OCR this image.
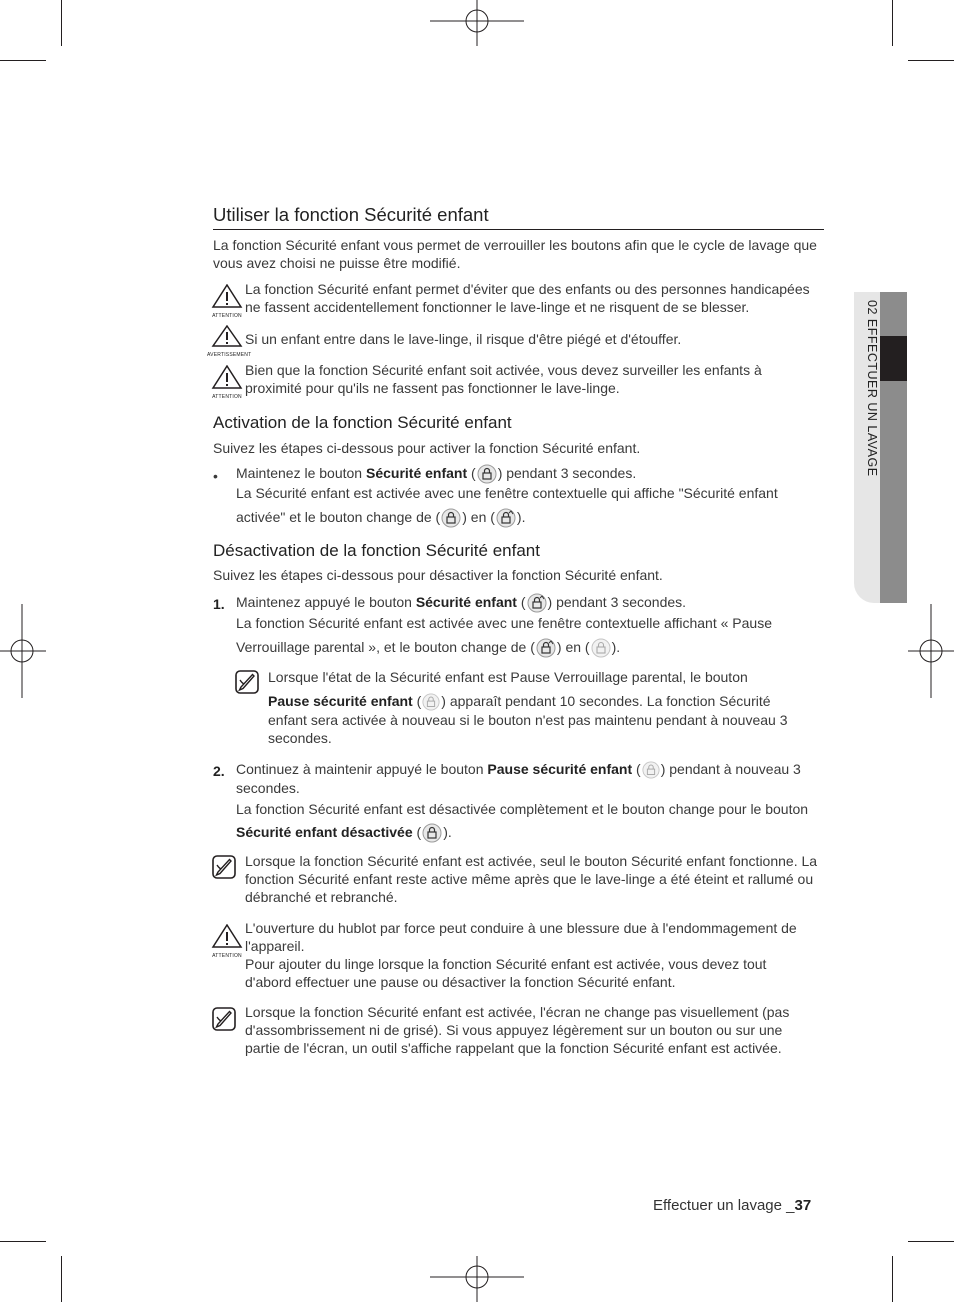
02 EFFECTUER UN LAVAGE
Utiliser la fonction Sécurité enfant
La fonction Sécurité enfant vous permet de verrouiller les boutons afin que le cycle de lavage que vous avez choisi ne puisse être modifié.
ATTENTION
La fonction Sécurité enfant permet d'éviter que des enfants ou des personnes handicapées ne fassent accidentellement fonctionner le lave-linge et ne risquent de se blesser.
AVERTISSEMENT
Si un enfant entre dans le lave-linge, il risque d'être piégé et d'étouffer.
ATTENTION
Bien que la fonction Sécurité enfant soit activée, vous devez surveiller les enfants à proximité pour qu'ils ne fassent pas fonctionner le lave-linge.
Activation de la fonction Sécurité enfant
Suivez les étapes ci-dessous pour activer la fonction Sécurité enfant.
• Maintenez le bouton Sécurité enfant ( ) pendant 3 secondes.
La Sécurité enfant est activée avec une fenêtre contextuelle qui affiche "Sécurité enfant
activée" et le bouton change de ( ) en ( ).
Désactivation de la fonction Sécurité enfant
Suivez les étapes ci-dessous pour désactiver la fonction Sécurité enfant.
1. Maintenez appuyé le bouton Sécurité enfant ( ) pendant 3 secondes.
La fonction Sécurité enfant est activée avec une fenêtre contextuelle affichant « Pause
Verrouillage parental », et le bouton change de ( ) en ( ).
Lorsque l'état de la Sécurité enfant est Pause Verrouillage parental, le bouton
Pause sécurité enfant ( ) apparaît pendant 10 secondes. La fonction Sécurité enfant sera activée à nouveau si le bouton n'est pas maintenu pendant à nouveau 3 secondes.
2. Continuez à maintenir appuyé le bouton Pause sécurité enfant ( ) pendant à nouveau 3 secondes.
La fonction Sécurité enfant est désactivée complètement et le bouton change pour le bouton
Sécurité enfant désactivée ( ).
Lorsque la fonction Sécurité enfant est activée, seul le bouton Sécurité enfant fonctionne. La fonction Sécurité enfant reste active même après que le lave-linge a été éteint et rallumé ou débranché et rebranché.
ATTENTION
L'ouverture du hublot par force peut conduire à une blessure due à l'endommagement de l'appareil.
Pour ajouter du linge lorsque la fonction Sécurité enfant est activée, vous devez tout d'abord effectuer une pause ou désactiver la fonction Sécurité enfant.
Lorsque la fonction Sécurité enfant est activée, l'écran ne change pas visuellement (pas d'assombrissement ni de grisé). Si vous appuyez légèrement sur un bouton ou sur une partie de l'écran, un outil s'affiche rappelant que la fonction Sécurité enfant est activée.
Effectuer un lavage _37
